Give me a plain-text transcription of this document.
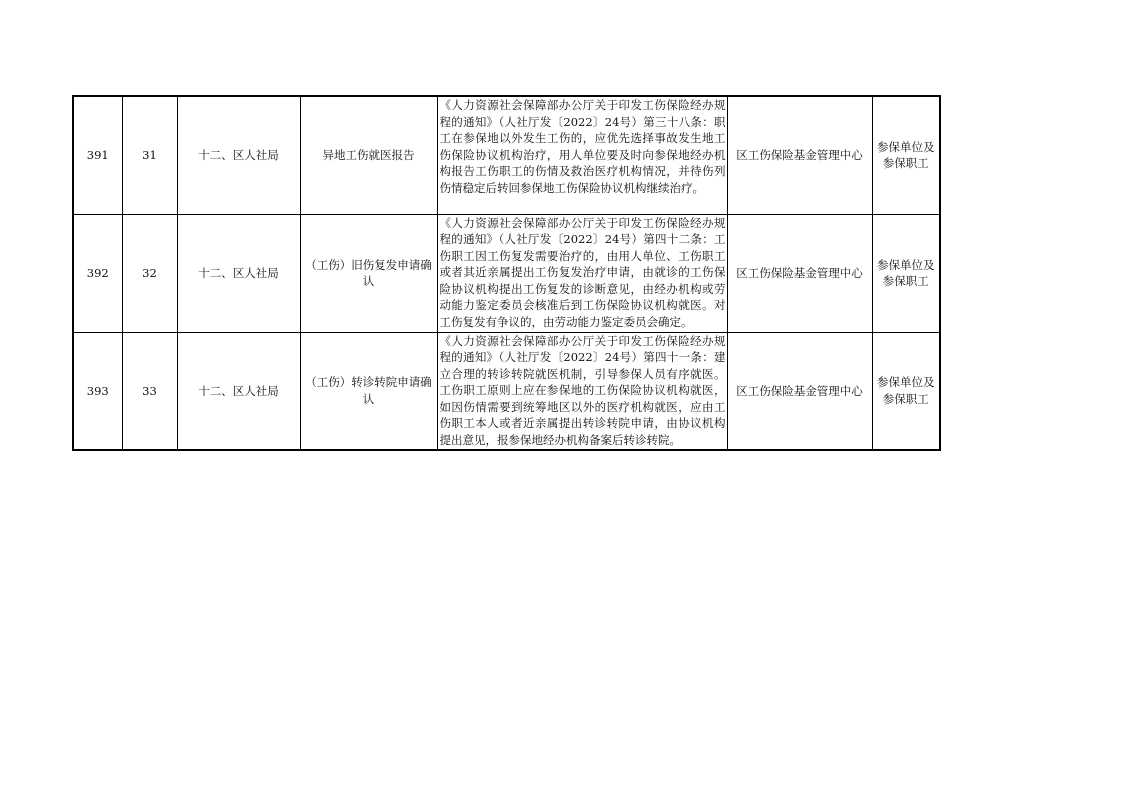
391	31	十二、区人社局	异地工伤就医报告	《人力资源社会保障部办公厅关于印发工伤保险经办规程的通知》（人社厅发〔2022〕24号）第三十八条：职工在参保地以外发生工伤的，应优先选择事故发生地工伤保险协议机构治疗，用人单位要及时向参保地经办机构报告工伤职工的伤情及救治医疗机构情况，并待伤列伤情稳定后转回参保地工伤保险协议机构继续治疗。	区工伤保险基金管理中心	参保单位及参保职工
392	32	十二、区人社局	（工伤）旧伤复发申请确认	《人力资源社会保障部办公厅关于印发工伤保险经办规程的通知》（人社厅发〔2022〕24号）第四十二条：工伤职工因工伤复发需要治疗的，由用人单位、工伤职工或者其近亲属提出工伤复发治疗申请，由就诊的工伤保险协议机构提出工伤复发的诊断意见，由经办机构或劳动能力鉴定委员会核准后到工伤保险协议机构就医。对工伤复发有争议的，由劳动能力鉴定委员会确定。	区工伤保险基金管理中心	参保单位及参保职工
393	33	十二、区人社局	（工伤）转诊转院申请确认	《人力资源社会保障部办公厅关于印发工伤保险经办规程的通知》（人社厅发〔2022〕24号）第四十一条：建立合理的转诊转院就医机制，引导参保人员有序就医。工伤职工原则上应在参保地的工伤保险协议机构就医，如因伤情需要到统筹地区以外的医疗机构就医，应由工伤职工本人或者近亲属提出转诊转院申请，由协议机构提出意见，报参保地经办机构备案后转诊转院。	区工伤保险基金管理中心	参保单位及参保职工
